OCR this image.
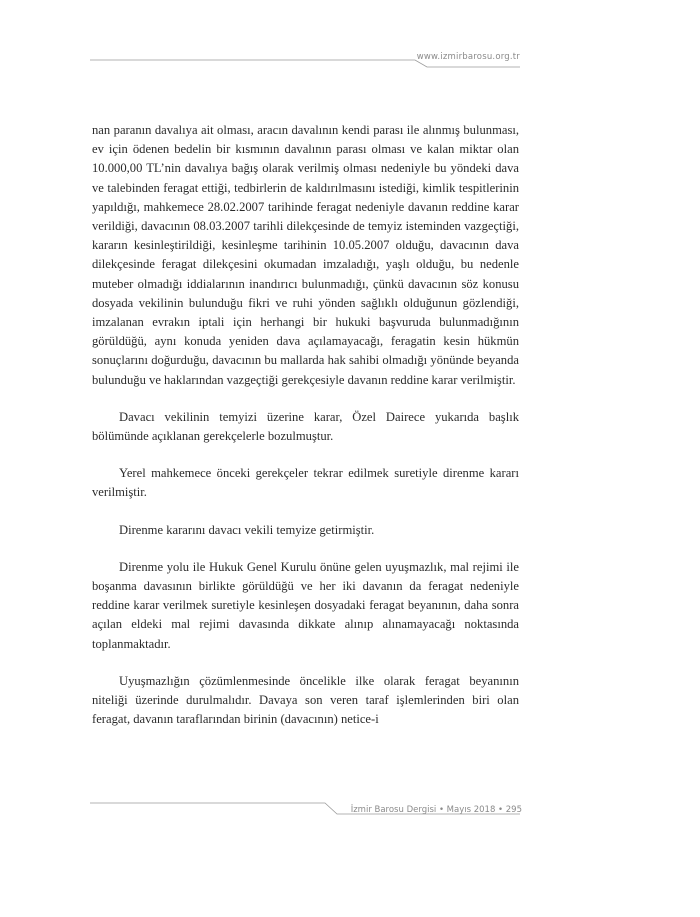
www.izmirbarosu.org.tr

nan paranın davalıya ait olması, aracın davalının kendi parası ile alınmış bulunması, ev için ödenen bedelin bir kısmının davalının parası olması ve kalan miktar olan 10.000,00 TL’nin davalıya bağış olarak verilmiş olması nedeniyle bu yöndeki dava ve talebinden feragat ettiği, tedbirlerin de kaldırılmasını istediği, kimlik tespitlerinin yapıldığı, mahkemece 28.02.2007 tarihinde feragat nedeniyle davanın reddine karar verildiği, davacının 08.03.2007 tarihli dilekçesinde de temyiz isteminden vazgeçtiği, kararın kesinleştirildiği, kesinleşme tarihinin 10.05.2007 olduğu, davacının dava dilekçesinde feragat dilekçesini okumadan imzaladığı, yaşlı olduğu, bu nedenle muteber olmadığı iddialarının inandırıcı bulunmadığı, çünkü davacının söz konusu dosyada vekilinin bulunduğu fikri ve ruhi yönden sağlıklı olduğunun gözlendiği, imzalanan evrakın iptali için herhangi bir hukuki başvuruda bulunmadığının görüldüğü, aynı konuda yeniden dava açılamayacağı, feragatin kesin hükmün sonuçlarını doğurduğu, davacının bu mallarda hak sahibi olmadığı yönünde beyanda bulunduğu ve haklarından vazgeçtiği gerekçesiyle davanın reddine karar verilmiştir.

Davacı vekilinin temyizi üzerine karar, Özel Dairece yukarıda başlık bölümünde açıklanan gerekçelerle bozulmuştur.

Yerel mahkemece önceki gerekçeler tekrar edilmek suretiyle direnme kararı verilmiştir.

Direnme kararını davacı vekili temyize getirmiştir.

Direnme yolu ile Hukuk Genel Kurulu önüne gelen uyuşmazlık, mal rejimi ile boşanma davasının birlikte görüldüğü ve her iki davanın da feragat nedeniyle reddine karar verilmek suretiyle kesinleşen dosyadaki feragat beyanının, daha sonra açılan eldeki mal rejimi davasında dikkate alınıp alınamayacağı noktasında toplanmaktadır.

Uyuşmazlığın çözümlenmesinde öncelikle ilke olarak feragat beyanının niteliği üzerinde durulmalıdır. Davaya son veren taraf işlemlerinden biri olan feragat, davanın taraflarından birinin (davacının) netice-i

İzmir Barosu Dergisi • Mayıs 2018 • 295
